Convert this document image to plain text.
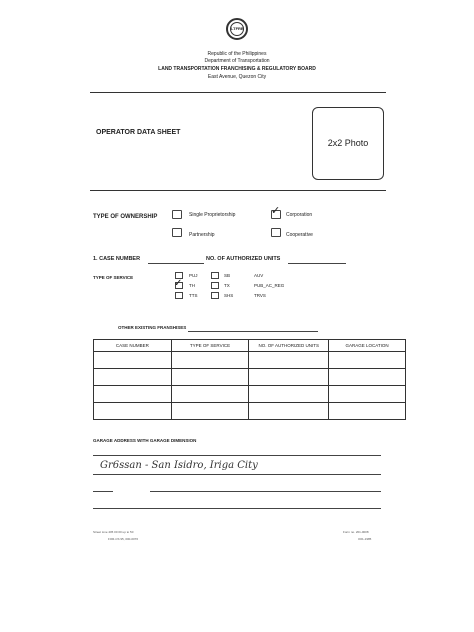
LTFRB
Republic of the Philippines
Department of Transportation
LAND TRANSPORTATION FRANCHISING & REGULATORY BOARD
East Avenue, Quezon City
OPERATOR DATA SHEET
2x2 Photo
TYPE OF OWNERSHIP	Single Proprietorship	✓ Corporation
Partnership	Cooperative
1. CASE NUMBER	NO. OF AUTHORIZED UNITS
TYPE OF SERVICE	PUJ	SB	AUV
✓ TH	TX	PUB_AC_REG
TTS	SHS	TRVS
OTHER EXISTING FRANSHISES
CASE NUMBER	TYPE OF SERVICE	NO. OF AUTHORIZED UNITS	GARAGE LOCATION

GARAGE ADDRESS WITH GARAGE DIMENSION
Gr6ssan - San Isidro, Iriga City
Street Line 405 00 00 up to 50
FOR-CS 95, 000-0076
Form no. 201-0008
O01-1985
